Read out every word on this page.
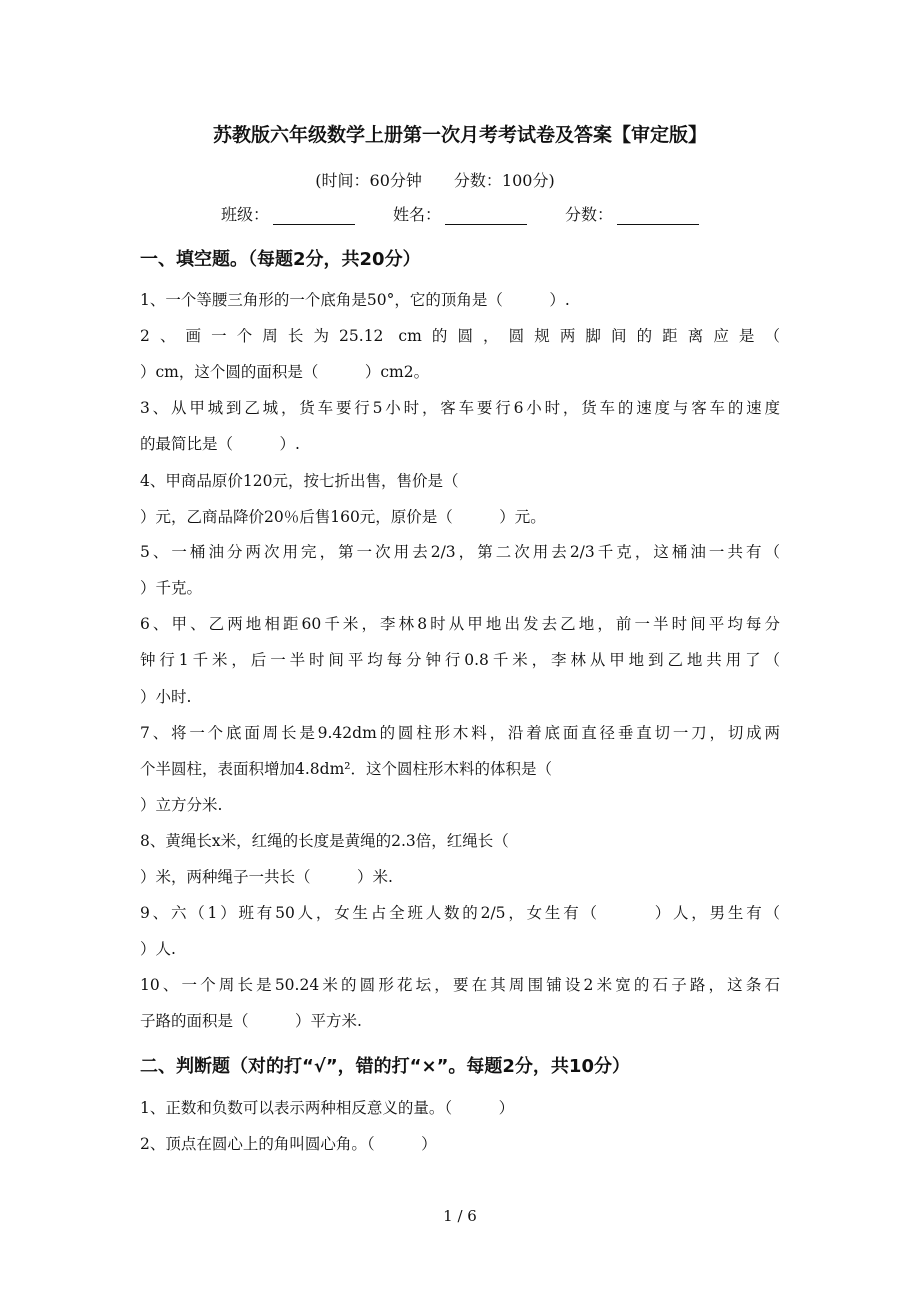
苏教版六年级数学上册第一次月考考试卷及答案【审定版】
(时间：60分钟　　分数：100分)
班级：	姓名：	分数：
一、填空题。（每题2分，共20分）
1、一个等腰三角形的一个底角是50°，它的顶角是（　　　）.
2、画一个周长为25.12 cm的圆，圆规两脚间的距离应是（
）cm，这个圆的面积是（　　　）cm2。
3、从甲城到乙城，货车要行5小时，客车要行6小时，货车的速度与客车的速度
的最简比是（　　　）.
4、甲商品原价120元，按七折出售，售价是（
）元，乙商品降价20％后售160元，原价是（　　　）元。
5、一桶油分两次用完，第一次用去2/3，第二次用去2/3千克，这桶油一共有（
）千克。
6、甲、乙两地相距60千米，李林8时从甲地出发去乙地，前一半时间平均每分
钟行1千米，后一半时间平均每分钟行0.8千米，李林从甲地到乙地共用了（
）小时.
7、将一个底面周长是9.42dm的圆柱形木料，沿着底面直径垂直切一刀，切成两
个半圆柱，表面积增加4.8dm²．这个圆柱形木料的体积是（
）立方分米.
8、黄绳长x米，红绳的长度是黄绳的2.3倍，红绳长（
）米，两种绳子一共长（　　　）米.
9、六（1）班有50人，女生占全班人数的2/5，女生有（　　　）人，男生有（
）人.
10、一个周长是50.24米的圆形花坛，要在其周围铺设2米宽的石子路，这条石
子路的面积是（　　　）平方米.
二、判断题（对的打“√”，错的打“×”。每题2分，共10分）
1、正数和负数可以表示两种相反意义的量。（　　　）
2、顶点在圆心上的角叫圆心角。（　　　）
1 / 6
